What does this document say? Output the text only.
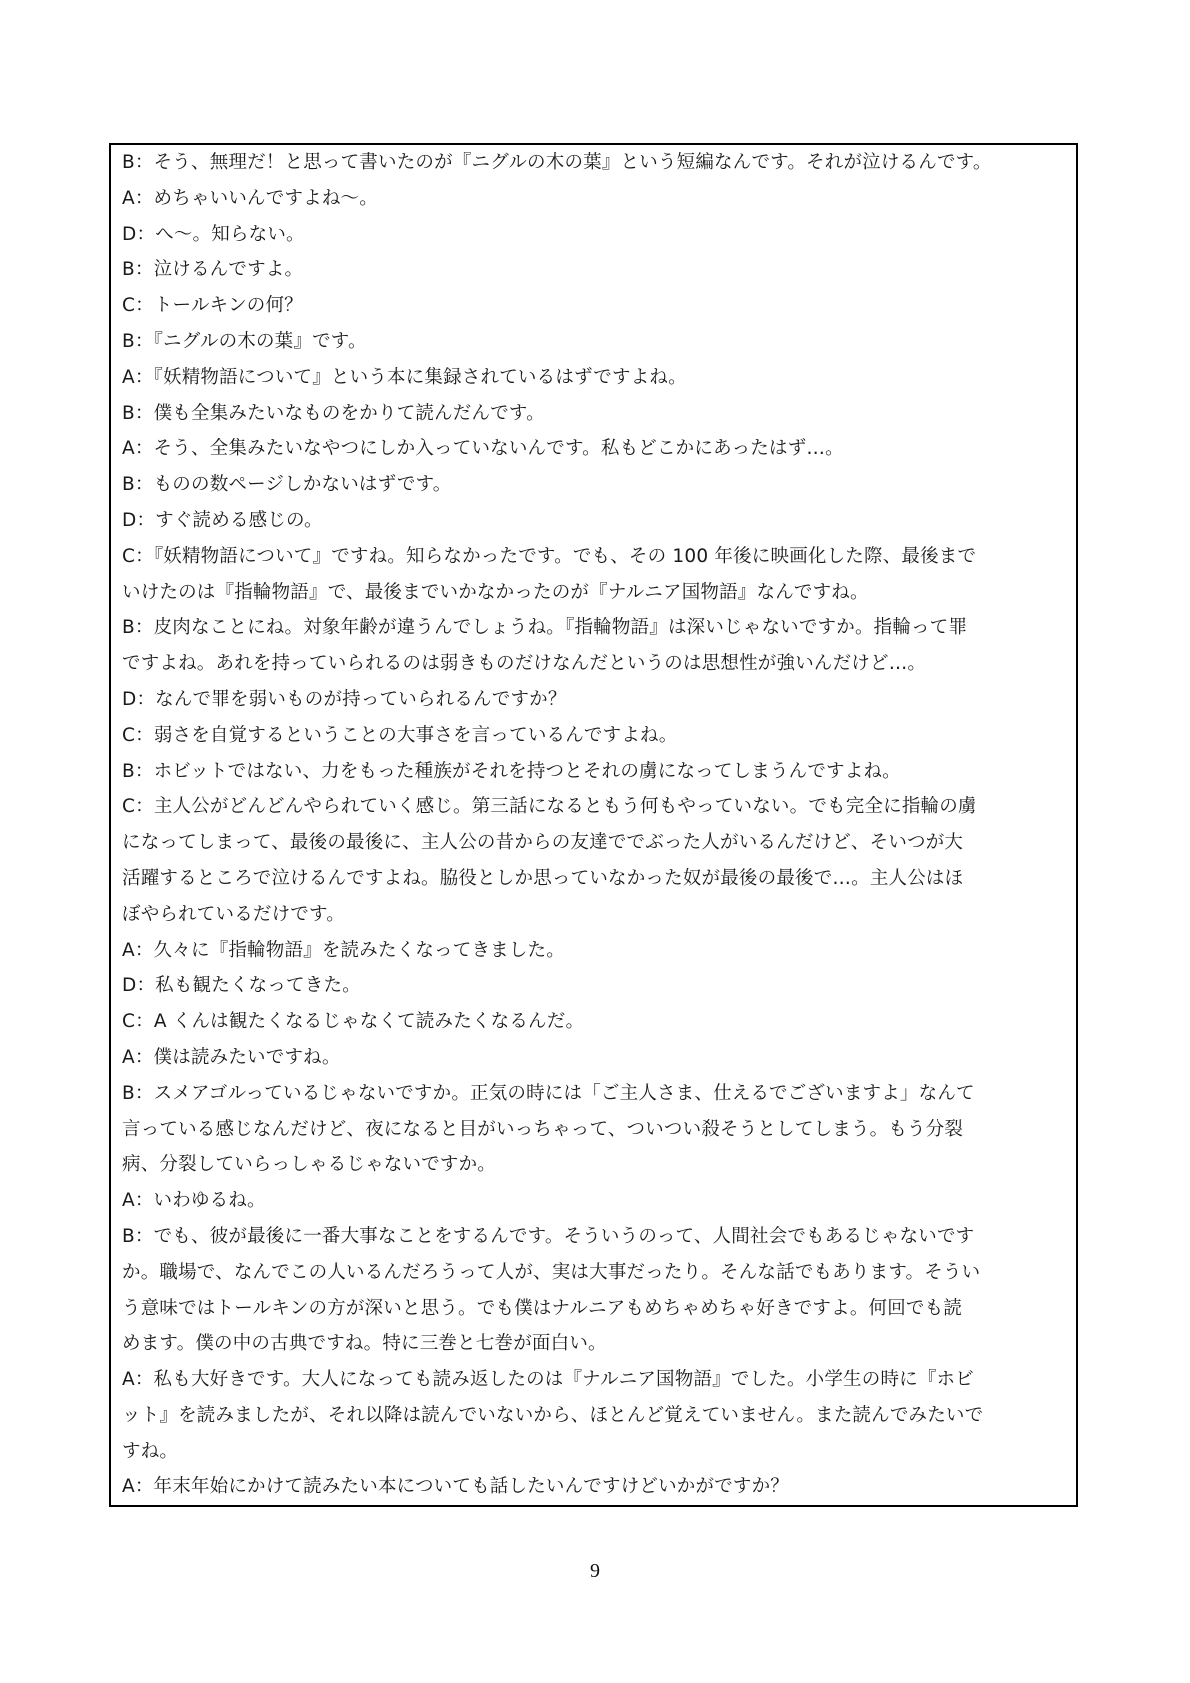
B：そう、無理だ！と思って書いたのが『ニグルの木の葉』という短編なんです。それが泣けるんです。
A：めちゃいいんですよね〜。
D：へ〜。知らない。
B：泣けるんですよ。
C：トールキンの何？
B：『ニグルの木の葉』です。
A：『妖精物語について』という本に集録されているはずですよね。
B：僕も全集みたいなものをかりて読んだんです。
A：そう、全集みたいなやつにしか入っていないんです。私もどこかにあったはず…。
B：ものの数ページしかないはずです。
D：すぐ読める感じの。
C：『妖精物語について』ですね。知らなかったです。でも、その 100 年後に映画化した際、最後まで
いけたのは『指輪物語』で、最後までいかなかったのが『ナルニア国物語』なんですね。
B：皮肉なことにね。対象年齢が違うんでしょうね。『指輪物語』は深いじゃないですか。指輪って罪
ですよね。あれを持っていられるのは弱きものだけなんだというのは思想性が強いんだけど…。
D：なんで罪を弱いものが持っていられるんですか？
C：弱さを自覚するということの大事さを言っているんですよね。
B：ホビットではない、力をもった種族がそれを持つとそれの虜になってしまうんですよね。
C：主人公がどんどんやられていく感じ。第三話になるともう何もやっていない。でも完全に指輪の虜
になってしまって、最後の最後に、主人公の昔からの友達ででぶった人がいるんだけど、そいつが大
活躍するところで泣けるんですよね。脇役としか思っていなかった奴が最後の最後で…。主人公はほ
ぼやられているだけです。
A：久々に『指輪物語』を読みたくなってきました。
D：私も観たくなってきた。
C：A くんは観たくなるじゃなくて読みたくなるんだ。
A：僕は読みたいですね。
B：スメアゴルっているじゃないですか。正気の時には「ご主人さま、仕えるでございますよ」なんて
言っている感じなんだけど、夜になると目がいっちゃって、ついつい殺そうとしてしまう。もう分裂
病、分裂していらっしゃるじゃないですか。
A：いわゆるね。
B：でも、彼が最後に一番大事なことをするんです。そういうのって、人間社会でもあるじゃないです
か。職場で、なんでこの人いるんだろうって人が、実は大事だったり。そんな話でもあります。そうい
う意味ではトールキンの方が深いと思う。でも僕はナルニアもめちゃめちゃ好きですよ。何回でも読
めます。僕の中の古典ですね。特に三巻と七巻が面白い。
A：私も大好きです。大人になっても読み返したのは『ナルニア国物語』でした。小学生の時に『ホビ
ット』を読みましたが、それ以降は読んでいないから、ほとんど覚えていません。また読んでみたいで
すね。
A：年末年始にかけて読みたい本についても話したいんですけどいかがですか？
9
